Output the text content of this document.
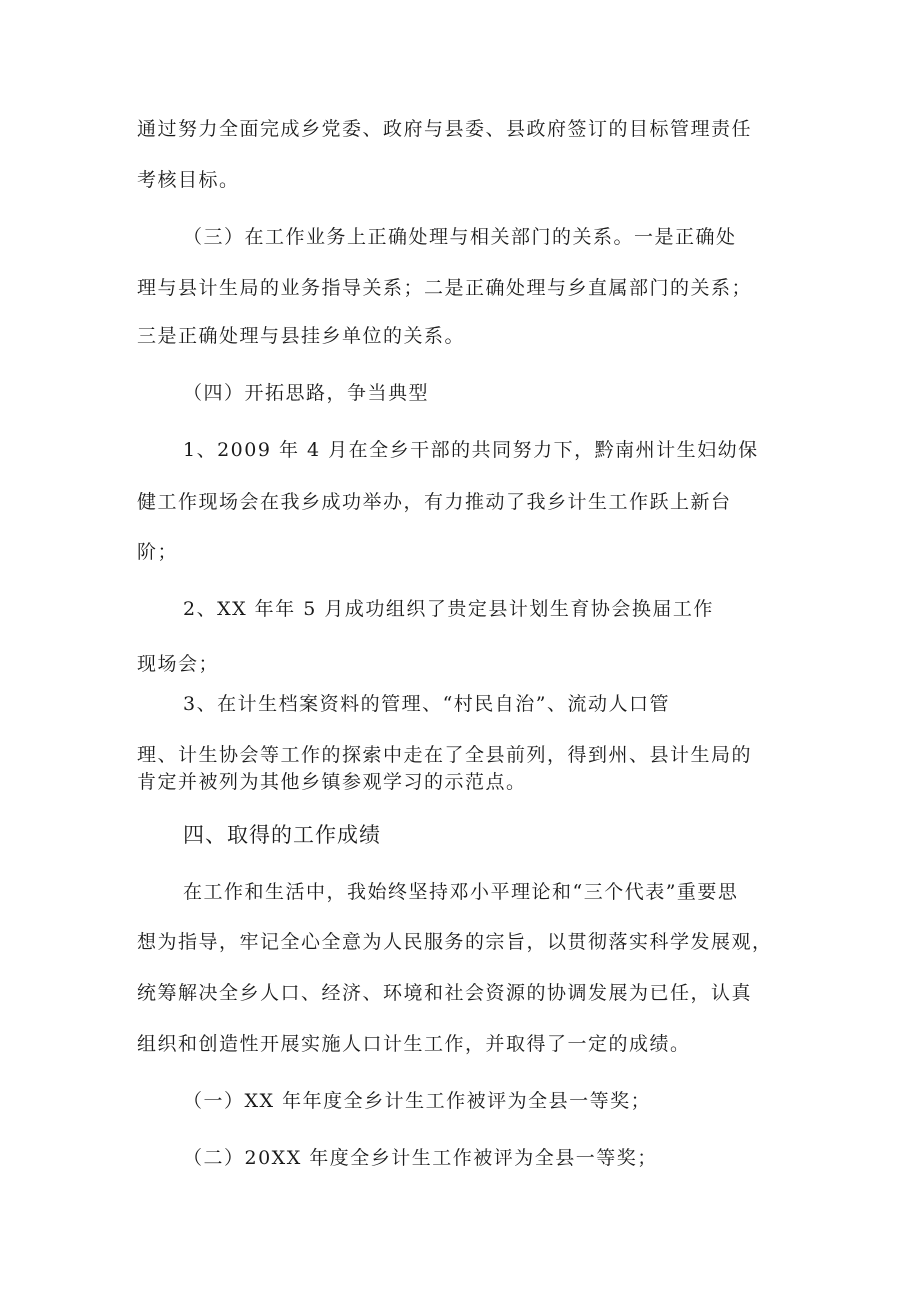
通过努力全面完成乡党委、政府与县委、县政府签订的目标管理责任
考核目标。
（三）在工作业务上正确处理与相关部门的关系。一是正确处
理与县计生局的业务指导关系；二是正确处理与乡直属部门的关系；
三是正确处理与县挂乡单位的关系。
（四）开拓思路，争当典型
1、2009 年 4 月在全乡干部的共同努力下，黔南州计生妇幼保
健工作现场会在我乡成功举办，有力推动了我乡计生工作跃上新台
阶；
2、XX 年年 5 月成功组织了贵定县计划生育协会换届工作
现场会；
3、在计生档案资料的管理、“村民自治”、流动人口管
理、计生协会等工作的探索中走在了全县前列，得到州、县计生局的
肯定并被列为其他乡镇参观学习的示范点。
四、取得的工作成绩
在工作和生活中，我始终坚持邓小平理论和“三个代表”重要思
想为指导，牢记全心全意为人民服务的宗旨，以贯彻落实科学发展观，
统筹解决全乡人口、经济、环境和社会资源的协调发展为已任，认真
组织和创造性开展实施人口计生工作，并取得了一定的成绩。
（一）XX 年年度全乡计生工作被评为全县一等奖；
（二）20XX 年度全乡计生工作被评为全县一等奖；
